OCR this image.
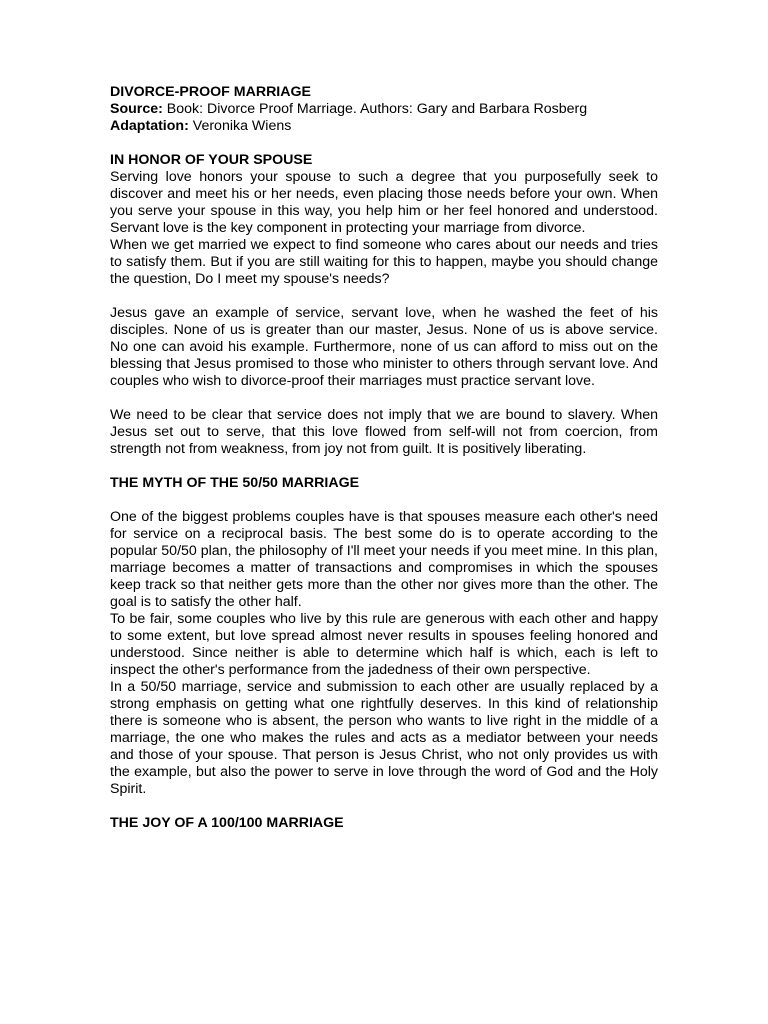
DIVORCE-PROOF MARRIAGE

Source: Book: Divorce Proof Marriage. Authors: Gary and Barbara Rosberg

Adaptation: Veronika Wiens

IN HONOR OF YOUR SPOUSE

Serving love honors your spouse to such a degree that you purposefully seek to discover and meet his or her needs, even placing those needs before your own. When you serve your spouse in this way, you help him or her feel honored and understood. Servant love is the key component in protecting your marriage from divorce.

When we get married we expect to find someone who cares about our needs and tries to satisfy them. But if you are still waiting for this to happen, maybe you should change the question, Do I meet my spouse's needs?

Jesus gave an example of service, servant love, when he washed the feet of his disciples. None of us is greater than our master, Jesus. None of us is above service. No one can avoid his example. Furthermore, none of us can afford to miss out on the blessing that Jesus promised to those who minister to others through servant love. And couples who wish to divorce-proof their marriages must practice servant love.

We need to be clear that service does not imply that we are bound to slavery. When Jesus set out to serve, that this love flowed from self-will not from coercion, from strength not from weakness, from joy not from guilt. It is positively liberating.

THE MYTH OF THE 50/50 MARRIAGE

One of the biggest problems couples have is that spouses measure each other's need for service on a reciprocal basis. The best some do is to operate according to the popular 50/50 plan, the philosophy of I'll meet your needs if you meet mine. In this plan, marriage becomes a matter of transactions and compromises in which the spouses keep track so that neither gets more than the other nor gives more than the other. The goal is to satisfy the other half.

To be fair, some couples who live by this rule are generous with each other and happy to some extent, but love spread almost never results in spouses feeling honored and understood. Since neither is able to determine which half is which, each is left to inspect the other's performance from the jadedness of their own perspective.

In a 50/50 marriage, service and submission to each other are usually replaced by a strong emphasis on getting what one rightfully deserves. In this kind of relationship there is someone who is absent, the person who wants to live right in the middle of a marriage, the one who makes the rules and acts as a mediator between your needs and those of your spouse. That person is Jesus Christ, who not only provides us with the example, but also the power to serve in love through the word of God and the Holy Spirit.

THE JOY OF A 100/100 MARRIAGE
